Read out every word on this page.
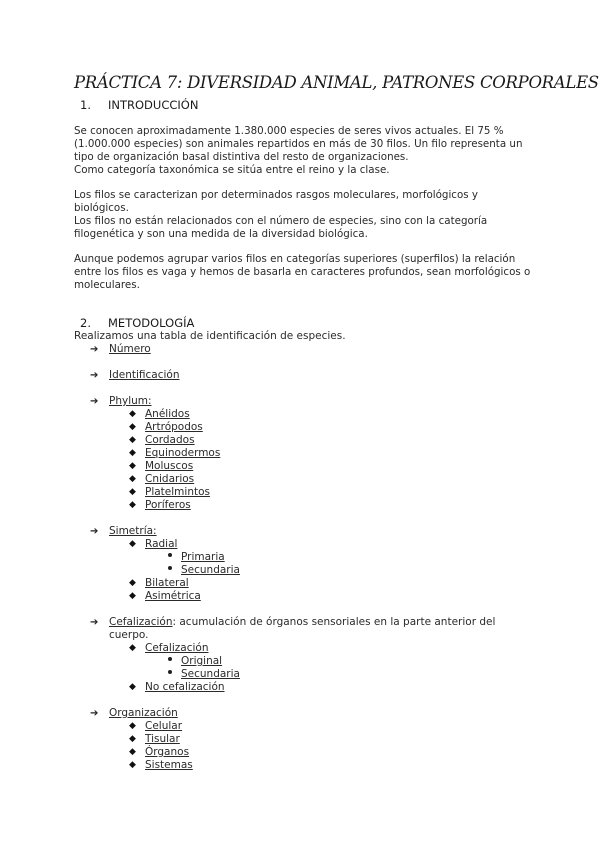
PRÁCTICA 7: DIVERSIDAD ANIMAL, PATRONES CORPORALES
1. INTRODUCCIÓN

Se conocen aproximadamente 1.380.000 especies de seres vivos actuales. El 75 % (1.000.000 especies) son animales repartidos en más de 30 filos. Un filo representa un tipo de organización basal distintiva del resto de organizaciones.

Como categoría taxonómica se sitúa entre el reino y la clase.

Los filos se caracterizan por determinados rasgos moleculares, morfológicos y biológicos.

Los filos no están relacionados con el número de especies, sino con la categoría filogenética y son una medida de la diversidad biológica.

Aunque podemos agrupar varios filos en categorías superiores (superfilos) la relación entre los filos es vaga y hemos de basarla en caracteres profundos, sean morfológicos o moleculares.

2. METODOLOGÍA
Realizamos una tabla de identificación de especies.
➔ Número
➔ Identificación
➔ Phylum:
◆ Anélidos
◆ Artrópodos
◆ Cordados
◆ Equinodermos
◆ Moluscos
◆ Cnidarios
◆ Platelmintos
◆ Poríferos
➔ Simetría:
◆ Radial
Primaria
Secundaria
◆ Bilateral
◆ Asimétrica
➔ Cefalización: acumulación de órganos sensoriales en la parte anterior del
cuerpo.
◆ Cefalización
Original
Secundaria
◆ No cefalización
➔ Organización
◆ Celular
◆ Tisular
◆ Órganos
◆ Sistemas
